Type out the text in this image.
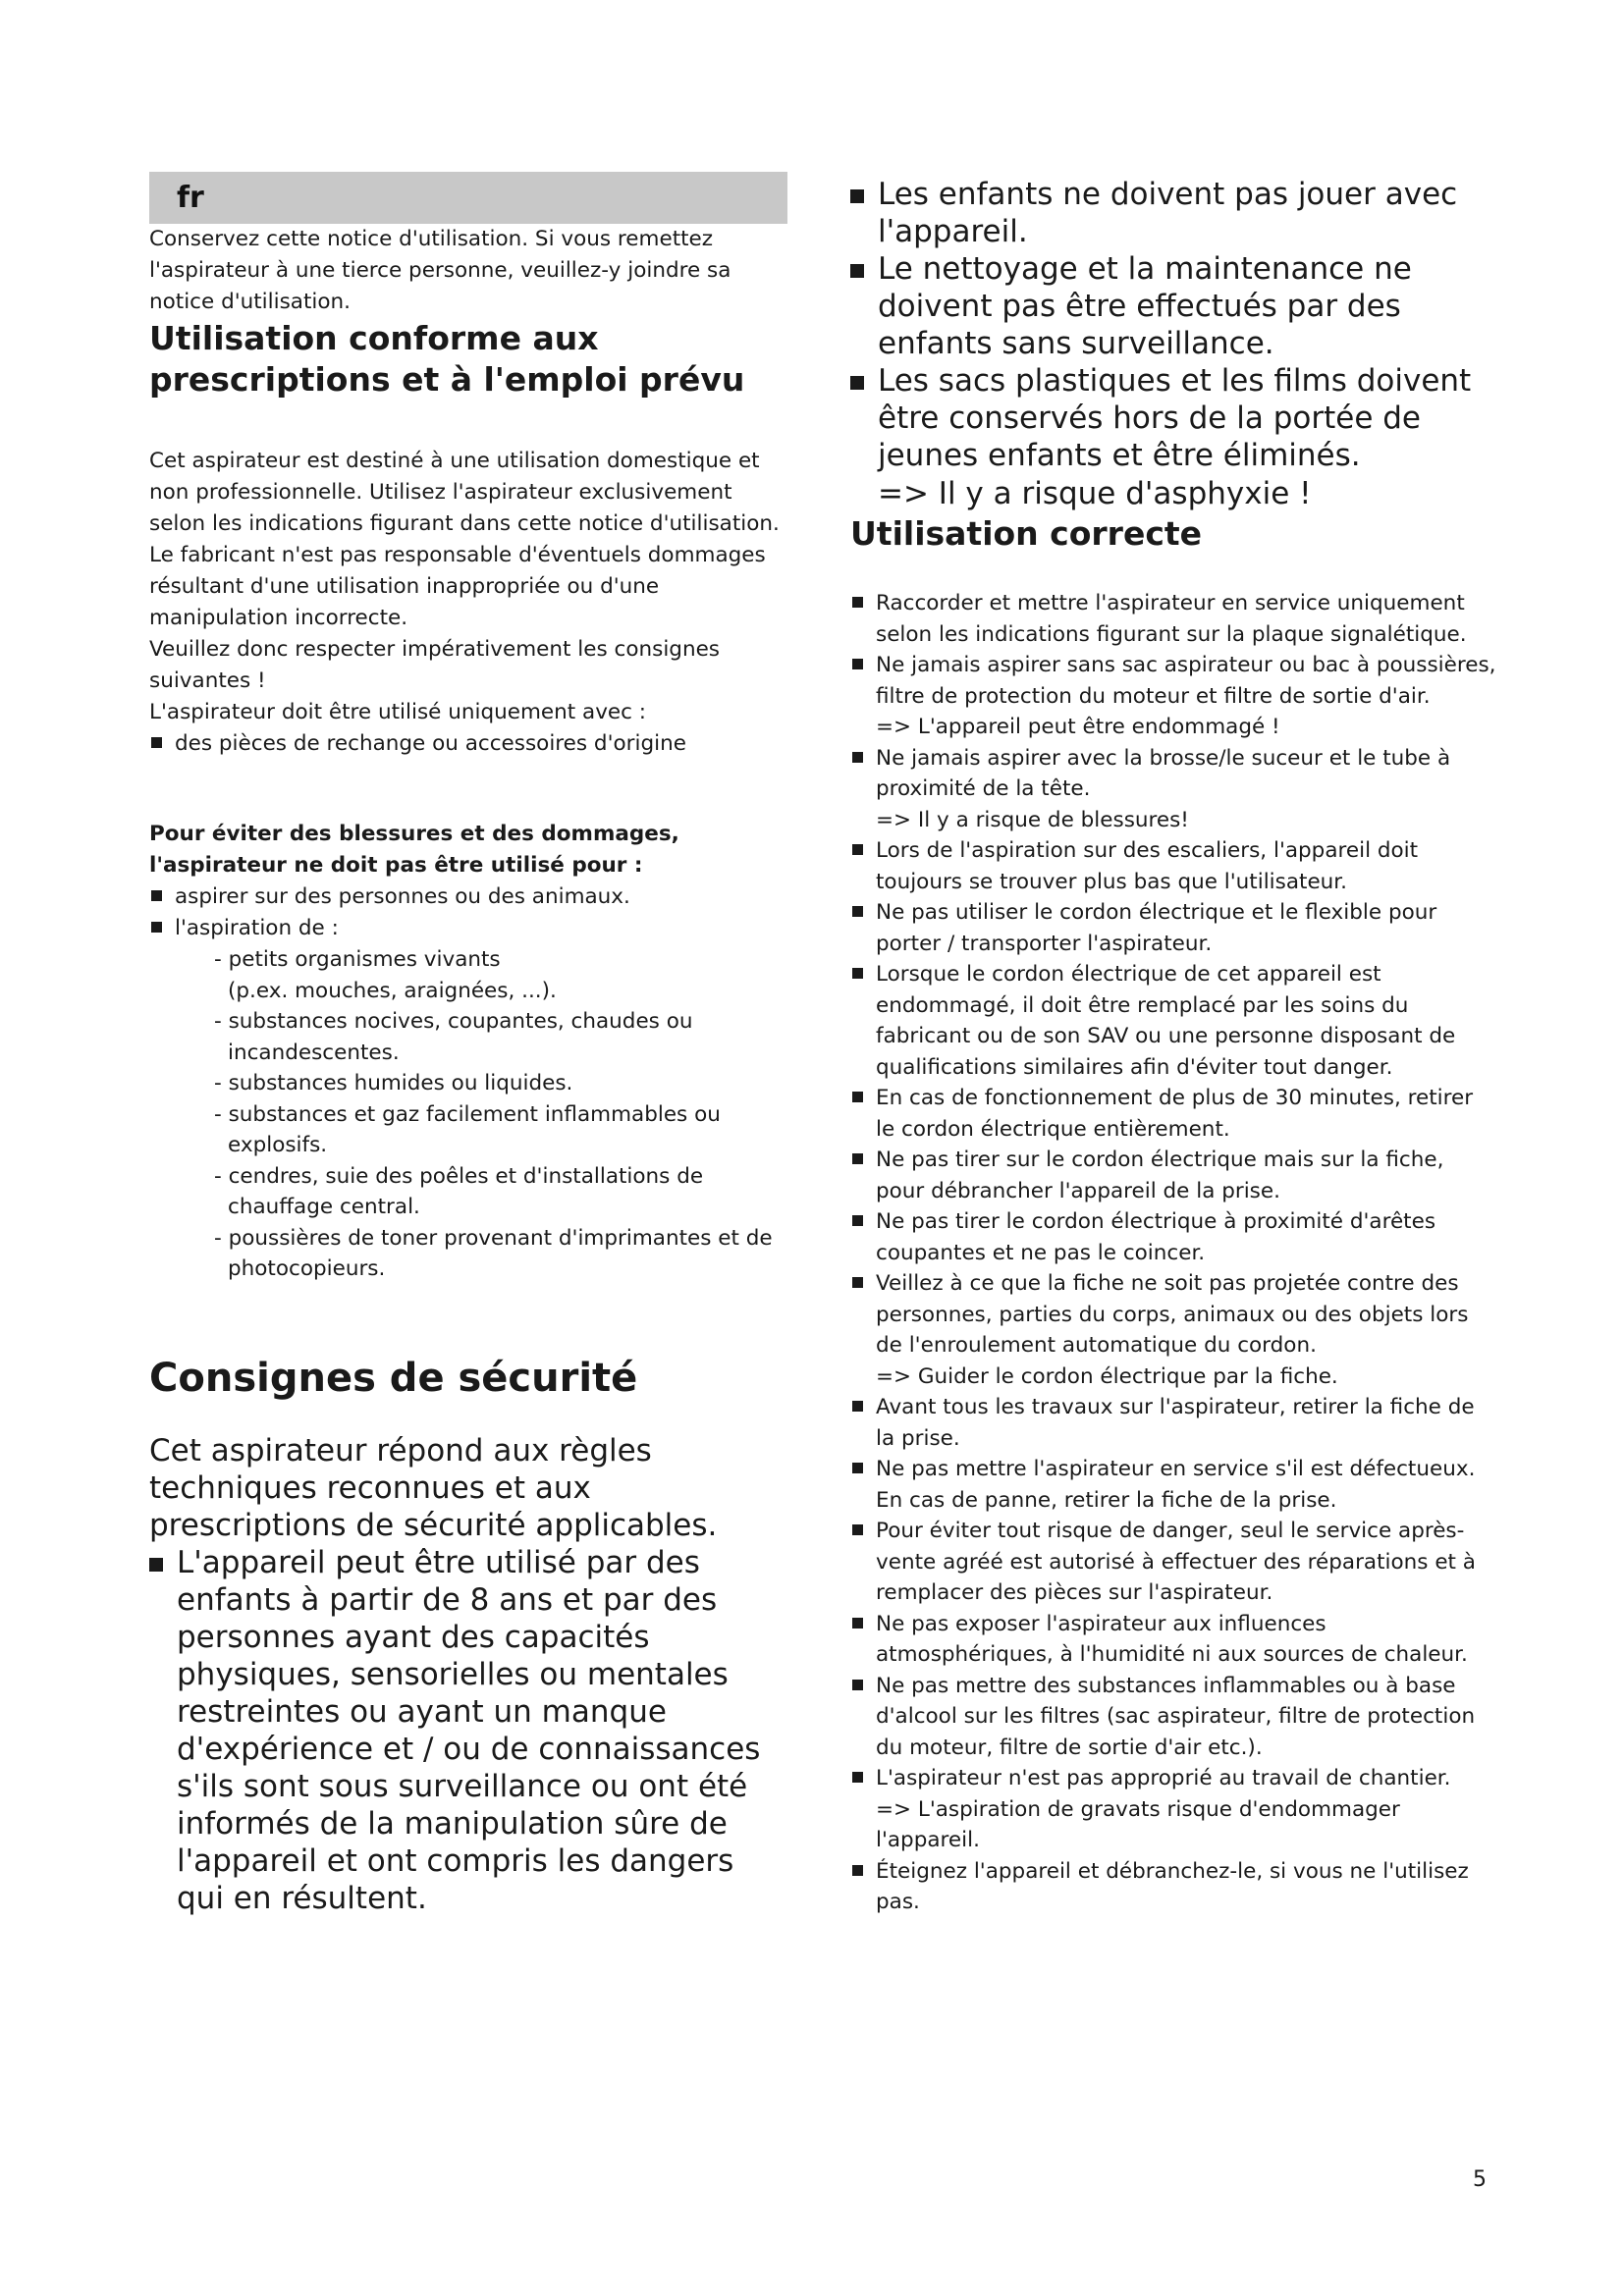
fr

Conservez cette notice d'utilisation. Si vous remettez l'aspirateur à une tierce personne, veuillez-y joindre sa notice d'utilisation.

Utilisation conforme aux prescriptions et à l'emploi prévu

Cet aspirateur est destiné à une utilisation domestique et non professionnelle. Utilisez l'aspirateur exclusivement selon les indications figurant dans cette notice d'utilisation. Le fabricant n'est pas responsable d'éventuels dommages résultant d'une utilisation inappropriée ou d'une manipulation incorrecte.

Veuillez donc respecter impérativement les consignes suivantes !

L'aspirateur doit être utilisé uniquement avec :

des pièces de rechange ou accessoires d'origine
Pour éviter des blessures et des dommages, l'aspirateur ne doit pas être utilisé pour :
aspirer sur des personnes ou des animaux.
l'aspiration de :
- petits organismes vivants
(p.ex. mouches, araignées, ...).
- substances nocives, coupantes, chaudes ou incandescentes.
- substances humides ou liquides.
- substances et gaz facilement inflammables ou explosifs.
- cendres, suie des poêles et d'installations de chauffage central.
- poussières de toner provenant d'imprimantes et de photocopieurs.
Consignes de sécurité

Cet aspirateur répond aux règles techniques reconnues et aux prescriptions de sécurité applicables.

L'appareil peut être utilisé par des enfants à partir de 8 ans et par des personnes ayant des capacités physiques, sensorielles ou mentales restreintes ou ayant un manque d'expérience et / ou de connaissances s'ils sont sous surveillance ou ont été informés de la manipulation sûre de l'appareil et ont compris les dangers qui en résultent.
Les enfants ne doivent pas jouer avec l'appareil.
Le nettoyage et la maintenance ne doivent pas être effectués par des enfants sans surveillance.
Les sacs plastiques et les films doivent être conservés hors de la portée de jeunes enfants et être éliminés.
=> Il y a risque d'asphyxie !
Utilisation correcte
Raccorder et mettre l'aspirateur en service uniquement selon les indications figurant sur la plaque signalétique.
Ne jamais aspirer sans sac aspirateur ou bac à poussières, filtre de protection du moteur et filtre de sortie d'air.
=> L'appareil peut être endommagé !
Ne jamais aspirer avec la brosse/le suceur et le tube à proximité de la tête.
=> Il y a risque de blessures!
Lors de l'aspiration sur des escaliers, l'appareil doit toujours se trouver plus bas que l'utilisateur.
Ne pas utiliser le cordon électrique et le flexible pour porter / transporter l'aspirateur.
Lorsque le cordon électrique de cet appareil est endommagé, il doit être remplacé par les soins du fabricant ou de son SAV ou une personne disposant de qualifications similaires afin d'éviter tout danger.
En cas de fonctionnement de plus de 30 minutes, retirer le cordon électrique entièrement.
Ne pas tirer sur le cordon électrique mais sur la fiche, pour débrancher l'appareil de la prise.
Ne pas tirer le cordon électrique à proximité d'arêtes coupantes et ne pas le coincer.
Veillez à ce que la fiche ne soit pas projetée contre des personnes, parties du corps, animaux ou des objets lors de l'enroulement automatique du cordon.
=> Guider le cordon électrique par la fiche.
Avant tous les travaux sur l'aspirateur, retirer la fiche de la prise.
Ne pas mettre l'aspirateur en service s'il est défectueux. En cas de panne, retirer la fiche de la prise.
Pour éviter tout risque de danger, seul le service après-vente agréé est autorisé à effectuer des réparations et à remplacer des pièces sur l'aspirateur.
Ne pas exposer l'aspirateur aux influences atmosphériques, à l'humidité ni aux sources de chaleur.
Ne pas mettre des substances inflammables ou à base d'alcool sur les filtres (sac aspirateur, filtre de protection du moteur, filtre de sortie d'air etc.).
L'aspirateur n'est pas approprié au travail de chantier.
=> L'aspiration de gravats risque d'endommager l'appareil.
Éteignez l'appareil et débranchez-le, si vous ne l'utilisez pas.
5
